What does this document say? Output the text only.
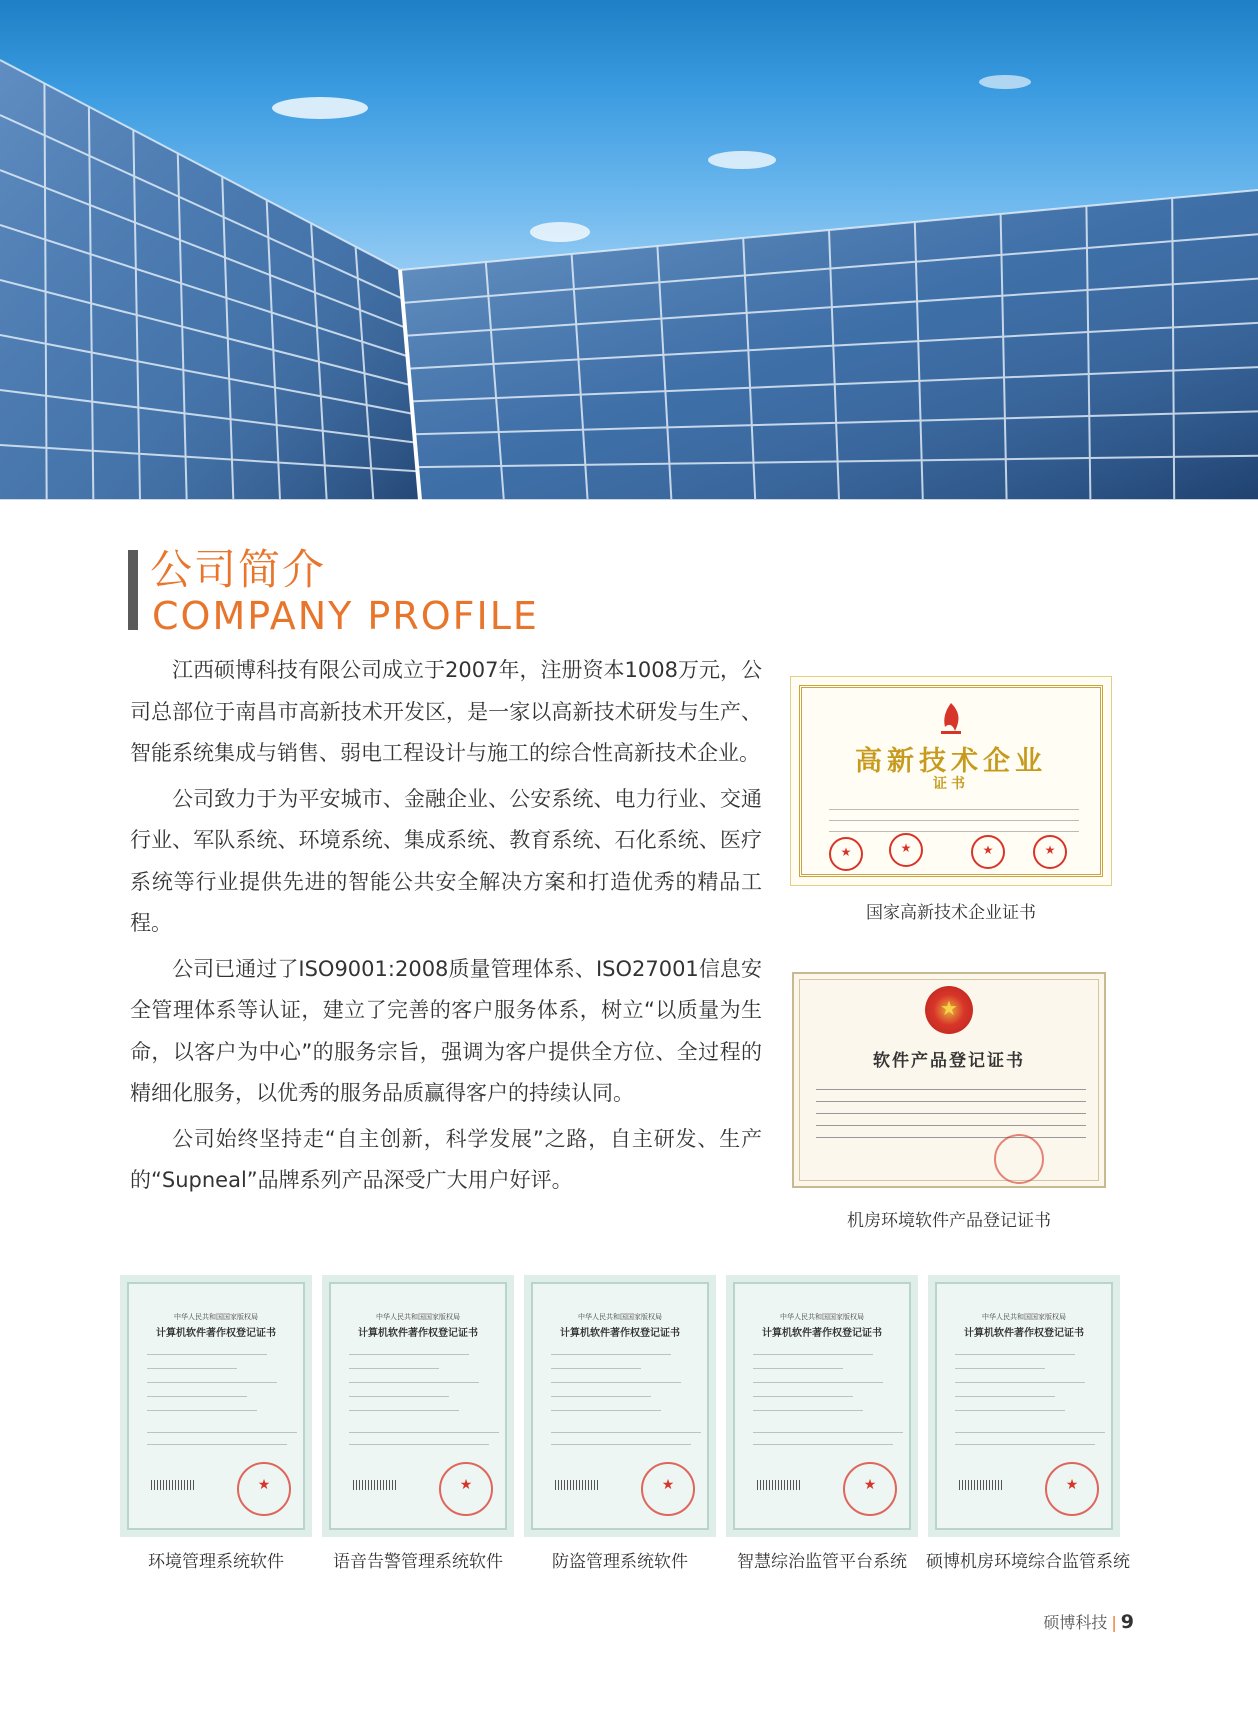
公司简介
COMPANY PROFILE

江西硕博科技有限公司成立于2007年，注册资本1008万元，公司总部位于南昌市高新技术开发区，是一家以高新技术研发与生产、智能系统集成与销售、弱电工程设计与施工的综合性高新技术企业。

公司致力于为平安城市、金融企业、公安系统、电力行业、交通行业、军队系统、环境系统、集成系统、教育系统、石化系统、医疗系统等行业提供先进的智能公共安全解决方案和打造优秀的精品工程。

公司已通过了ISO9001:2008质量管理体系、ISO27001信息安全管理体系等认证，建立了完善的客户服务体系，树立“以质量为生命，以客户为中心”的服务宗旨，强调为客户提供全方位、全过程的精细化服务，以优秀的服务品质赢得客户的持续认同。

公司始终坚持走“自主创新，科学发展”之路，自主研发、生产的“Supneal”品牌系列产品深受广大用户好评。

高新技术企业
证书
★
★
★
★
国家高新技术企业证书
★
软件产品登记证书
机房环境软件产品登记证书
中华人民共和国国家版权局
计算机软件著作权登记证书
★
中华人民共和国国家版权局
计算机软件著作权登记证书
★
中华人民共和国国家版权局
计算机软件著作权登记证书
★
中华人民共和国国家版权局
计算机软件著作权登记证书
★
中华人民共和国国家版权局
计算机软件著作权登记证书
★
环境管理系统软件	语音告警管理系统软件	防盗管理系统软件	智慧综治监管平台系统	硕博机房环境综合监管系统
硕博科技 | 9
